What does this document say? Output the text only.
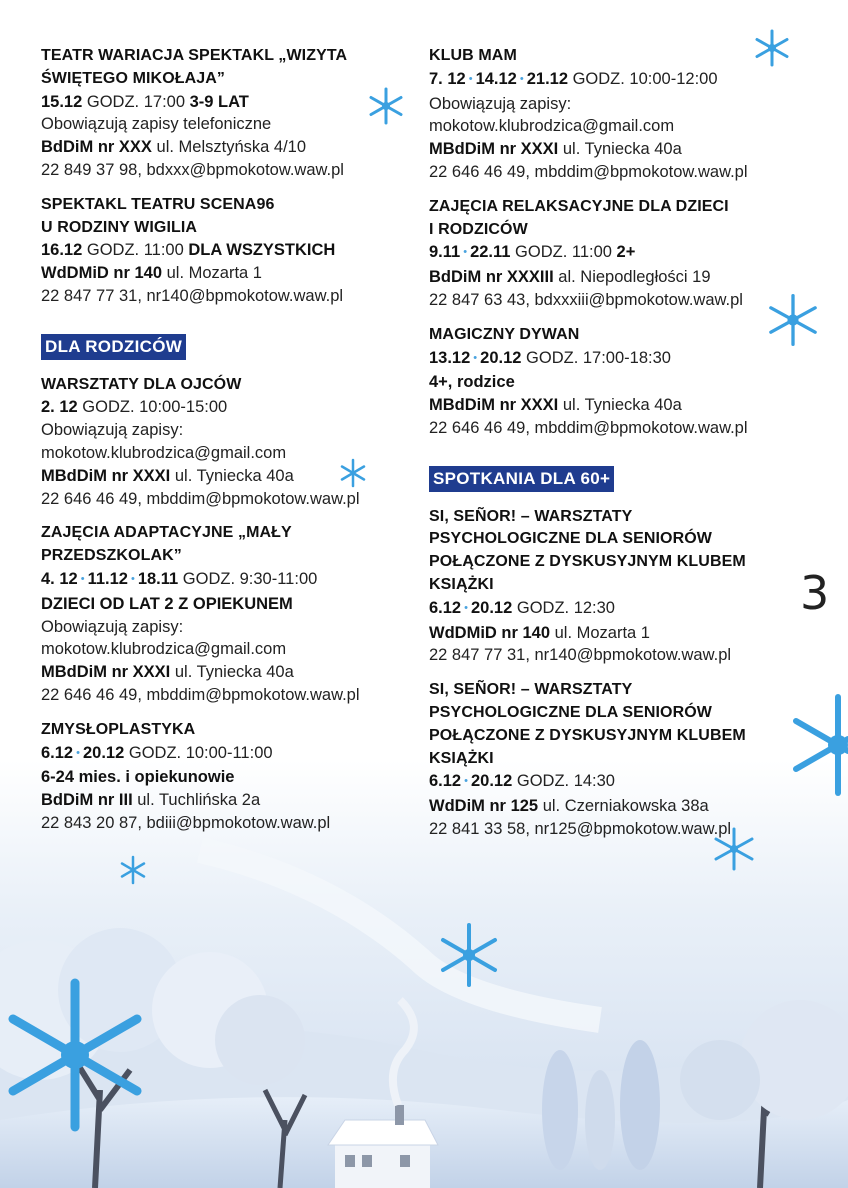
TEATR WARIACJA SPEKTAKL „WIZYTA
ŚWIĘTEGO MIKOŁAJA”
15.12 GODZ. 17:00 3-9 LAT
Obowiązują zapisy telefoniczne
BdDiM nr XXX ul. Melsztyńska 4/10
22 849 37 98, bdxxx@bpmokotow.waw.pl
SPEKTAKL TEATRU SCENA96
U RODZINY WIGILIA
16.12 GODZ. 11:00 DLA WSZYSTKICH
WdDMiD nr 140 ul. Mozarta 1
22 847 77 31, nr140@bpmokotow.waw.pl
DLA RODZICÓW
WARSZTATY DLA OJCÓW
2. 12 GODZ. 10:00-15:00
Obowiązują zapisy:
mokotow.klubrodzica@gmail.com
MBdDiM nr XXXI ul. Tyniecka 40a
22 646 46 49, mbddim@bpmokotow.waw.pl
ZAJĘCIA ADAPTACYJNE „MAŁY
PRZEDSZKOLAK”
4. 12 • 11.12 • 18.11 GODZ. 9:30-11:00
DZIECI OD LAT 2 Z OPIEKUNEM
Obowiązują zapisy:
mokotow.klubrodzica@gmail.com
MBdDiM nr XXXI ul. Tyniecka 40a
22 646 46 49, mbddim@bpmokotow.waw.pl
ZMYSŁOPLASTYKA
6.12 • 20.12 GODZ. 10:00-11:00
6-24 mies. i opiekunowie
BdDiM nr III ul. Tuchlińska 2a
22 843 20 87, bdiii@bpmokotow.waw.pl
KLUB MAM
7. 12 • 14.12 • 21.12 GODZ. 10:00-12:00
Obowiązują zapisy:
mokotow.klubrodzica@gmail.com
MBdDiM nr XXXI ul. Tyniecka 40a
22 646 46 49, mbddim@bpmokotow.waw.pl
ZAJĘCIA RELAKSACYJNE DLA DZIECI
I RODZICÓW
9.11 • 22.11 GODZ. 11:00 2+
BdDiM nr XXXIII al. Niepodległości 19
22 847 63 43, bdxxxiii@bpmokotow.waw.pl
MAGICZNY DYWAN
13.12 • 20.12 GODZ. 17:00-18:30
4+, rodzice
MBdDiM nr XXXI ul. Tyniecka 40a
22 646 46 49, mbddim@bpmokotow.waw.pl
SPOTKANIA DLA 60+
SI, SEÑOR! – WARSZTATY
PSYCHOLOGICZNE DLA SENIORÓW
POŁĄCZONE Z DYSKUSYJNYM KLUBEM
KSIĄŻKI
6.12 • 20.12 GODZ. 12:30
WdDMiD nr 140 ul. Mozarta 1
22 847 77 31, nr140@bpmokotow.waw.pl
SI, SEÑOR! – WARSZTATY
PSYCHOLOGICZNE DLA SENIORÓW
POŁĄCZONE Z DYSKUSYJNYM KLUBEM
KSIĄŻKI
6.12 • 20.12 GODZ. 14:30
WdDiM nr 125 ul. Czerniakowska 38a
22 841 33 58, nr125@bpmokotow.waw.pl
3
